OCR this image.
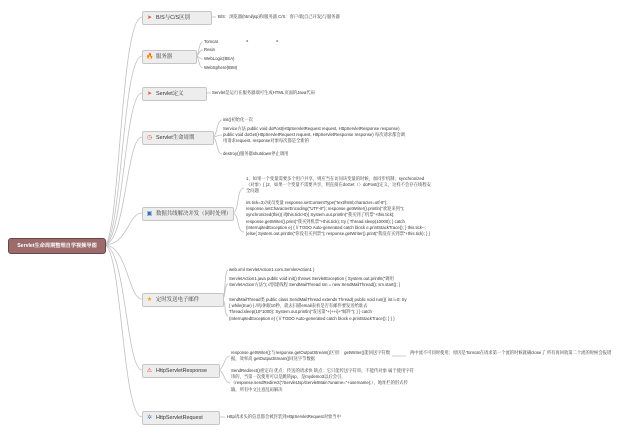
Servlet生命周期整理自学视频导图
➤ B/S与C/S区别	B/S：浏览器(html/jsp)和服务器 C/S：客户端(自己开发)与服务器
🔥 服务器
Tomcat
Resin
WebLogic(BEA)
WebSphere(IBM)
a	a
➤ Servlet定义	Servlet是运行在服务器端可生成HTML页面的Java代码
◷ Servlet生命周期
init()初始化一次
Service方法 public void doPost(HttpServletRequest request, HttpServletResponse response) public void doGet(HttpServletRequest request, HttpServletResponse response) 每次请求都会调用请求request, response对象每次都是全新的
destroy()服务器shutdown停止调用
▣ 数据共线解决并发（同时处理）
1、如果一个变量需要多个用户共享，则应当在访问该变量的时候，加同步机制；synchronized（对象）{ }2、如果一个变量不需要共享，则直接在doGet（）doPost()定义，这样不会存在线程安全问题
int tick=3;//成员变量 response.setContentType("text/html;character=utf-8"); response.setCharacterEncoding("UTF-8"); response.getWriter().println("欢迎来到"); synchronized(this){ if(this.tick>0){ System.out.println("我买到了机票"+this.tick); response.getWriter().print("我买到机票"+this.tick); try { Thread.sleep(10000); } catch (InterruptedException e) { // TODO Auto-generated catch block e.printStackTrace(); } this.tick--; }else{ System.out.println("你没有买到票"); response.getWriter().print("我没有买到票"+this.tick); } }
★ 定时发送电子邮件
web.xml ServletAction1.com.ServletAction1 }
ServletAction1.java public void init() throws ServletException { System.out.println("调用ServletAction方法"); //创建线程 SendMailThread sm = new SendMailThread(); sm.start(); }
SendMailThread类 public class SendMailThread extends Thread{ public void run(){ int i=0; try { while(true) { //每休眠10秒，就去扫描email表看是否有邮件要发送给谁去 Thread.sleep(10*1000); System.out.println("发送第"+(++i)+"邮件"); } } catch (InterruptedException e) { // TODO Auto-generated catch block e.printStackTrace(); } } }
⚠ HttpServletResponse
response.getWriter();与response.getOutputStream()区别： getWriter()能回送字符数据，效率高 getOutputStream()回送字节数据
SendRedirect()重定向 优点：传送的请求快 缺点：它只能传送字符串，不能传对象 属于使用字符串的，当第一次使用可以是跳转jsp，是mydemo3以后会引，（response.sendRedirect("/ServletJsp/ServletMain?uname="+username);），地址栏的形式传输，所有中文注意乱码解决
两中流不可同时使用；原因是Tomcat在请求第一个流的时候就确close了 所有再回收第二个流的时候会报错
✲ HttpServletRequest	Http请求头的信息都会被封装到HttpServletRequest对象当中
